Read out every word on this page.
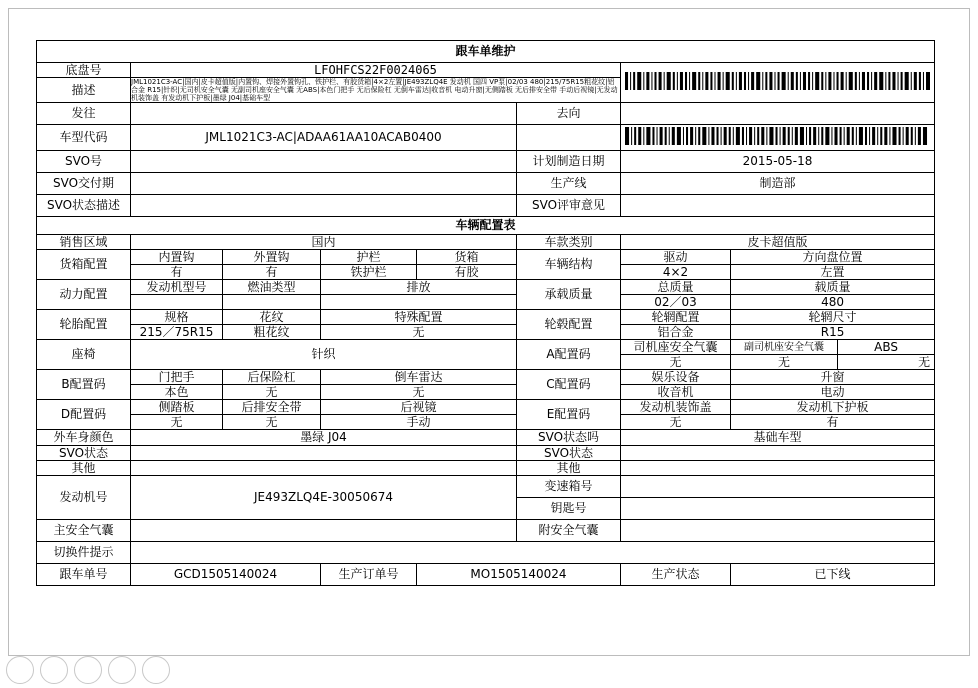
跟车单维护								
底盘号	LFOHFCS22F0024065	
描述	JML1021C3-AC|国内|皮卡超值版|内置钩、焊接外置钩孔、铁护栏、有胶货箱|4×2左置|JE493ZLQ4E 发动机 国四 VP泵|02/03 480|215/75R15粗花纹|铝合金 R15|针织|无司机安全气囊 无副司机座安全气囊 无ABS|本色门把手 无后保险杠 无倒车雷达|收音机 电动升窗|无侧踏板 无后排安全带 手动后视镜|无发动机装饰盖 有发动机下护板|墨绿 J04|基础车型							
发往					去向			
车型代码	JML1021C3-AC|ADAA61AA10ACAB0400		
SVO号					计划制造日期	2015-05-18		
SVO交付期					生产线	制造部		
SVO状态描述					SVO评审意见			
车辆配置表								
销售区域	国内				车款类别	皮卡超值版		
货箱配置	内置钩	外置钩	护栏	货箱	车辆结构	驱动	方向盘位置	
	有	有	铁护栏	有胶		4×2	左置	
动力配置	发动机型号	燃油类型	排放		承载质量	总质量	载质量	
						02／03	480	
轮胎配置	规格	花纹	特殊配置		轮毂配置	轮辋配置	轮辋尺寸	
	215／75R15	粗花纹	无			铝合金	R15	
座椅	针织				A配置码	司机座安全气囊	副司机座安全气囊	ABS
						无	无	无
B配置码	门把手	后保险杠	倒车雷达		C配置码	娱乐设备	升窗	
	本色	无	无			收音机	电动	
D配置码	侧踏板	后排安全带	后视镜		E配置码	发动机装饰盖	发动机下护板	
	无	无	手动			无	有	
外车身颜色	墨绿 J04				SVO状态吗	基础车型		
SVO状态					SVO状态			
其他					其他			
发动机号	JE493ZLQ4E-30050674				变速箱号			
					钥匙号			
主安全气囊					附安全气囊			
切换件提示								
跟车单号	GCD1505140024		生产订单号	MO1505140024		生产状态	已下线	
